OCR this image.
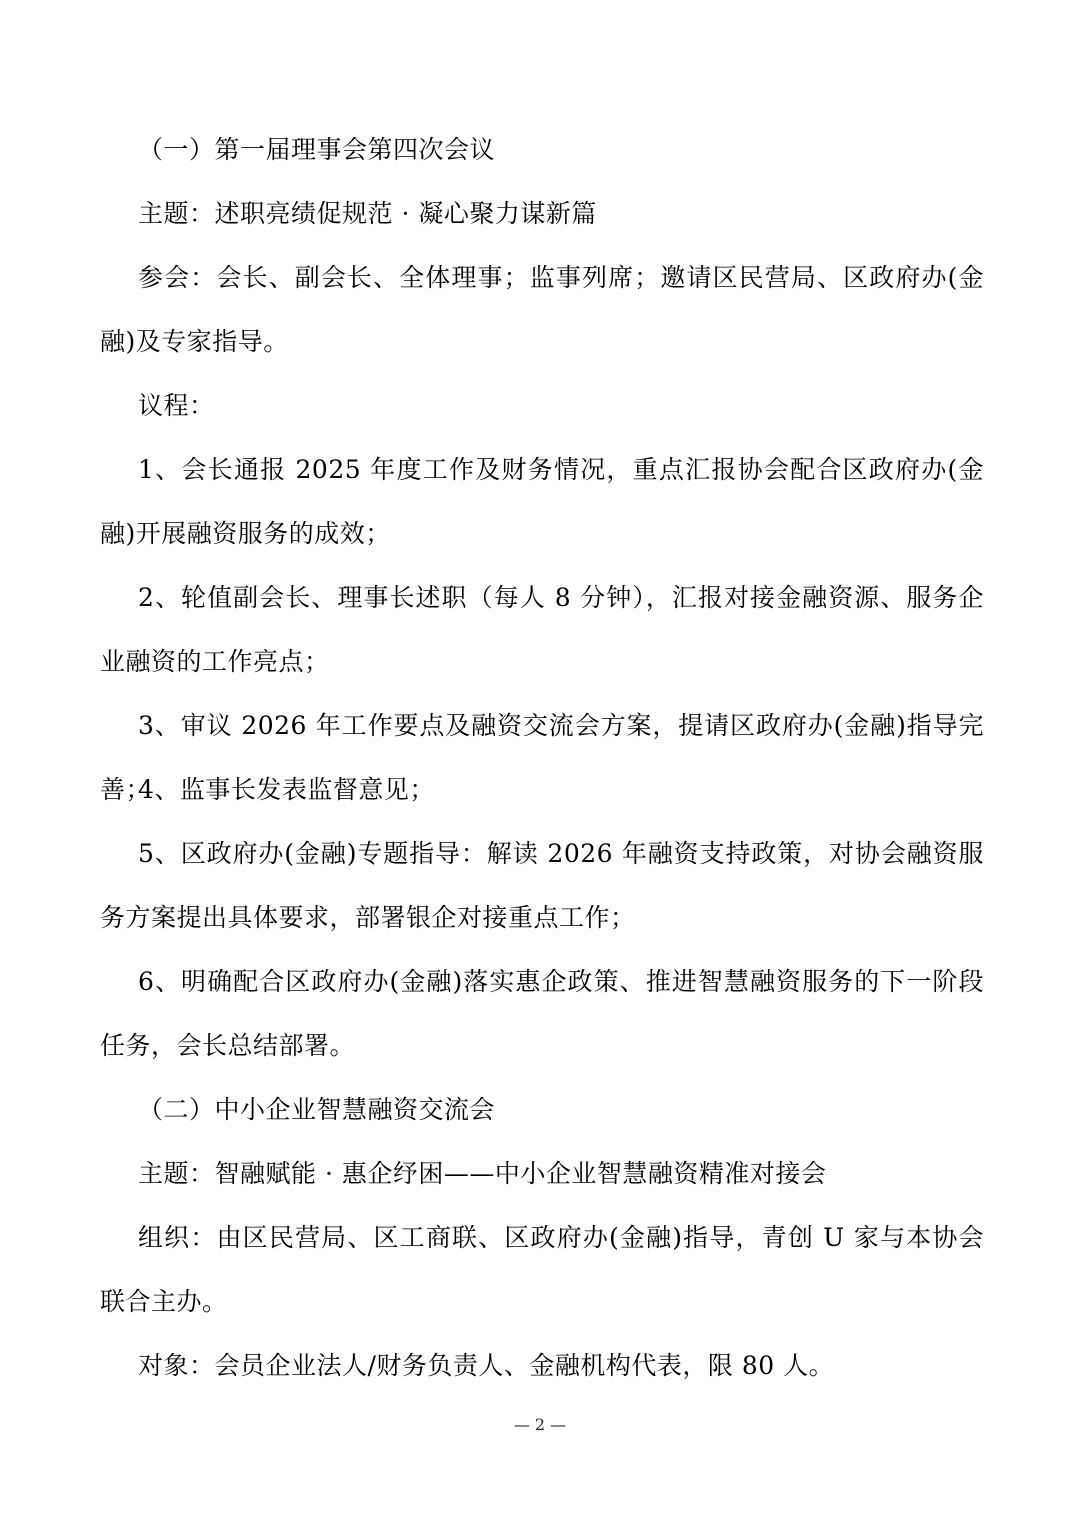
（一）第一届理事会第四次会议

主题：述职亮绩促规范 · 凝心聚力谋新篇

参会：会长、副会长、全体理事；监事列席；邀请区民营局、区政府办(金融)及专家指导。

议程：

1、会长通报 2025 年度工作及财务情况，重点汇报协会配合区政府办(金融)开展融资服务的成效；

2、轮值副会长、理事长述职（每人 8 分钟），汇报对接金融资源、服务企业融资的工作亮点；

3、审议 2026 年工作要点及融资交流会方案，提请区政府办(金融)指导完善；

4、监事长发表监督意见；

5、区政府办(金融)专题指导：解读 2026 年融资支持政策，对协会融资服务方案提出具体要求，部署银企对接重点工作；

6、明确配合区政府办(金融)落实惠企政策、推进智慧融资服务的下一阶段任务，会长总结部署。

（二）中小企业智慧融资交流会

主题：智融赋能 · 惠企纾困——中小企业智慧融资精准对接会

组织：由区民营局、区工商联、区政府办(金融)指导，青创 U 家与本协会联合主办。

对象：会员企业法人/财务负责人、金融机构代表，限 80 人。

— 2 —
